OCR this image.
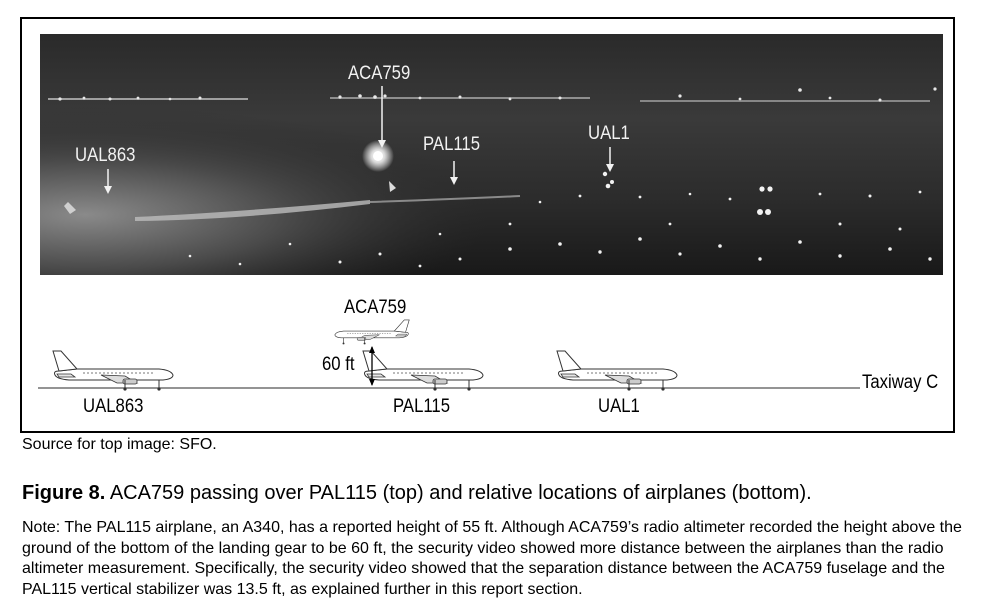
ACA759
UAL863
PAL115
UAL1
ACA759
60 ft
UAL863	PAL115	UAL1
Taxiway C
Source for top image: SFO.
Figure 8. ACA759 passing over PAL115 (top) and relative locations of airplanes (bottom).
Note: The PAL115 airplane, an A340, has a reported height of 55 ft. Although ACA759’s radio altimeter recorded the height above the ground of the bottom of the landing gear to be 60 ft, the security video showed more distance between the airplanes than the radio altimeter measurement. Specifically, the security video showed that the separation distance between the ACA759 fuselage and the PAL115 vertical stabilizer was 13.5 ft, as explained further in this report section.
